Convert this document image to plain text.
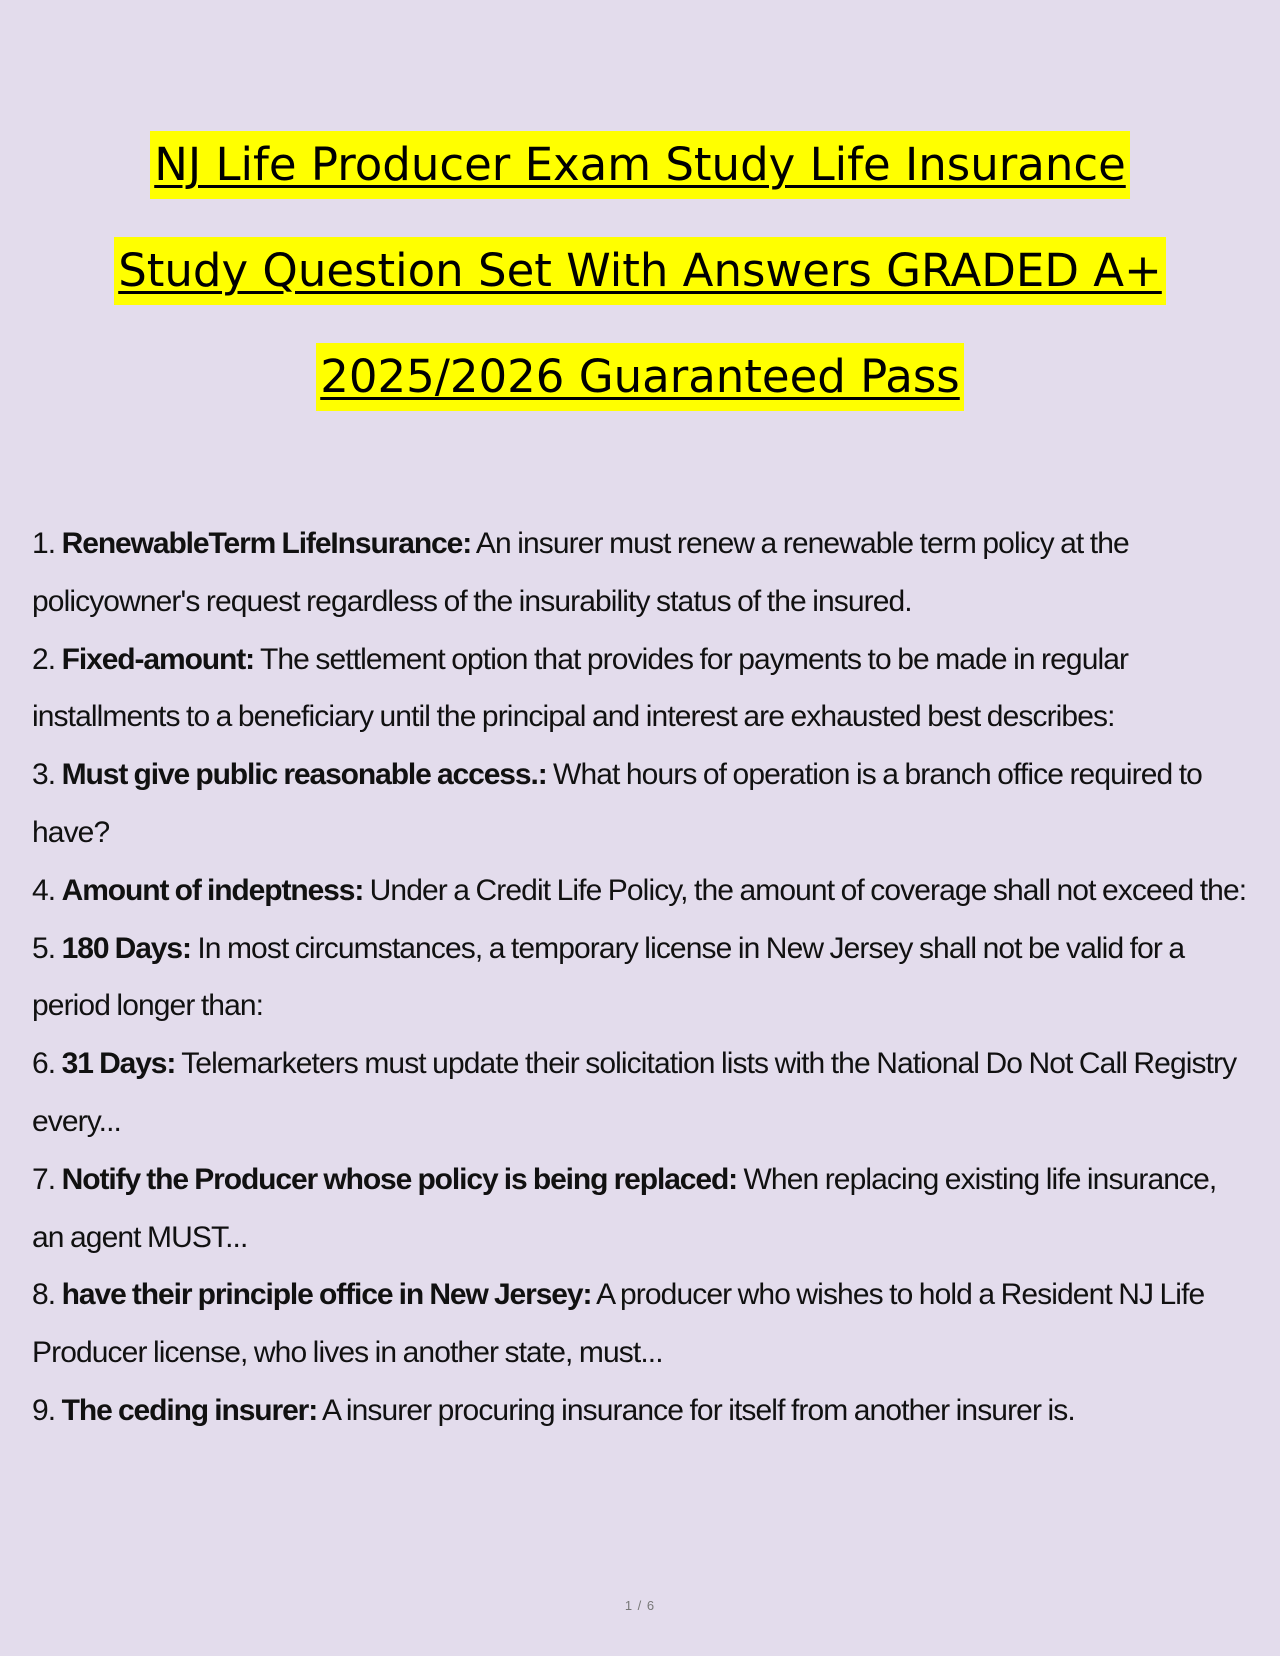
NJ Life Producer Exam Study Life Insurance
Study Question Set With Answers GRADED A+
2025/2026 Guaranteed Pass
1. RenewableTerm LifeInsurance: An insurer must renew a renewable term policy at the policyowner's request regardless of the insurability status of the insured.
2. Fixed-amount: The settlement option that provides for payments to be made in regular installments to a beneficiary until the principal and interest are exhausted best describes:
3. Must give public reasonable access.: What hours of operation is a branch office required to have?
4. Amount of indeptness: Under a Credit Life Policy, the amount of coverage shall not exceed the:
5. 180 Days: In most circumstances, a temporary license in New Jersey shall not be valid for a period longer than:
6. 31 Days: Telemarketers must update their solicitation lists with the National Do Not Call Registry every...
7. Notify the Producer whose policy is being replaced: When replacing existing life insurance, an agent MUST...
8. have their principle office in New Jersey: A producer who wishes to hold a Resident NJ Life Producer license, who lives in another state, must...
9. The ceding insurer: A insurer procuring insurance for itself from another insurer is.
1 / 6
